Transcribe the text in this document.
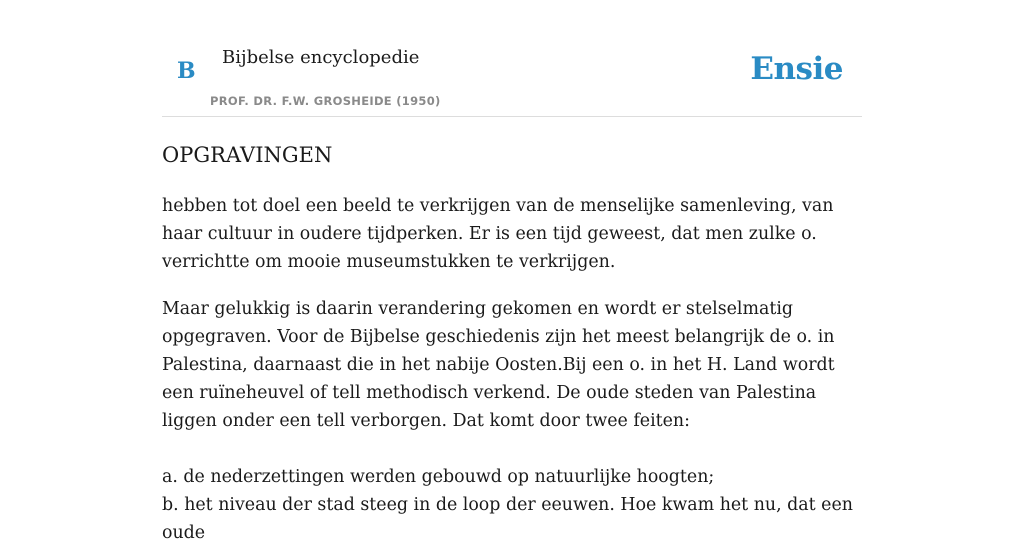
B
Bijbelse encyclopedie
PROF. DR. F.W. GROSHEIDE (1950)
Ensie
OPGRAVINGEN

hebben tot doel een beeld te verkrijgen van de menselijke samenleving, van haar cultuur in oudere tijdperken. Er is een tijd geweest, dat men zulke o. verrichtte om mooie museumstukken te verkrijgen.

Maar gelukkig is daarin verandering gekomen en wordt er stelselmatig opgegraven. Voor de Bijbelse geschiedenis zijn het meest belangrijk de o. in Palestina, daarnaast die in het nabije Oosten.Bij een o. in het H. Land wordt een ruïneheuvel of tell methodisch verkend. De oude steden van Palestina liggen onder een tell verborgen. Dat komt door twee feiten:

a. de nederzettingen werden gebouwd op natuurlijke hoogten;

b. het niveau der stad steeg in de loop der eeuwen. Hoe kwam het nu, dat een oude
